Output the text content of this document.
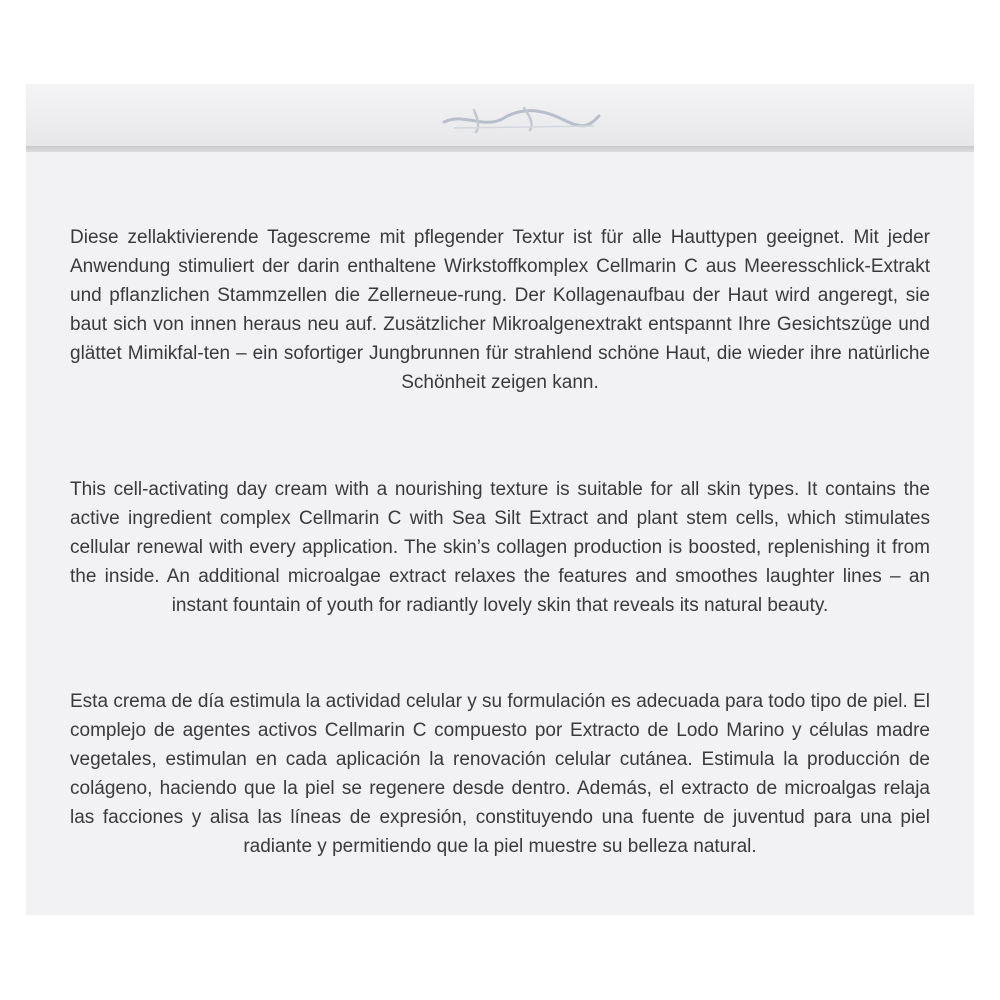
Diese zellaktivierende Tagescreme mit pflegender Textur ist für alle Hauttypen geeignet. Mit jeder Anwendung stimuliert der darin enthaltene Wirkstoffkomplex Cellmarin C aus Meeresschlick-Extrakt und pflanzlichen Stammzellen die Zellerneue-rung. Der Kollagenaufbau der Haut wird angeregt, sie baut sich von innen heraus neu auf. Zusätzlicher Mikroalgenextrakt entspannt Ihre Gesichtszüge und glättet Mimikfal-ten – ein sofortiger Jungbrunnen für strahlend schöne Haut, die wieder ihre natürliche Schönheit zeigen kann.

This cell-activating day cream with a nourishing texture is suitable for all skin types. It contains the active ingredient complex Cellmarin C with Sea Silt Extract and plant stem cells, which stimulates cellular renewal with every application. The skin’s collagen production is boosted, replenishing it from the inside. An additional microalgae extract relaxes the features and smoothes laughter lines – an instant fountain of youth for radiantly lovely skin that reveals its natural beauty.

Esta crema de día estimula la actividad celular y su formulación es adecuada para todo tipo de piel. El complejo de agentes activos Cellmarin C compuesto por Extracto de Lodo Marino y células madre vegetales, estimulan en cada aplicación la renovación celular cutánea. Estimula la producción de colágeno, haciendo que la piel se regenere desde dentro. Además, el extracto de microalgas relaja las facciones y alisa las líneas de expresión, constituyendo una fuente de juventud para una piel radiante y permitiendo que la piel muestre su belleza natural.
